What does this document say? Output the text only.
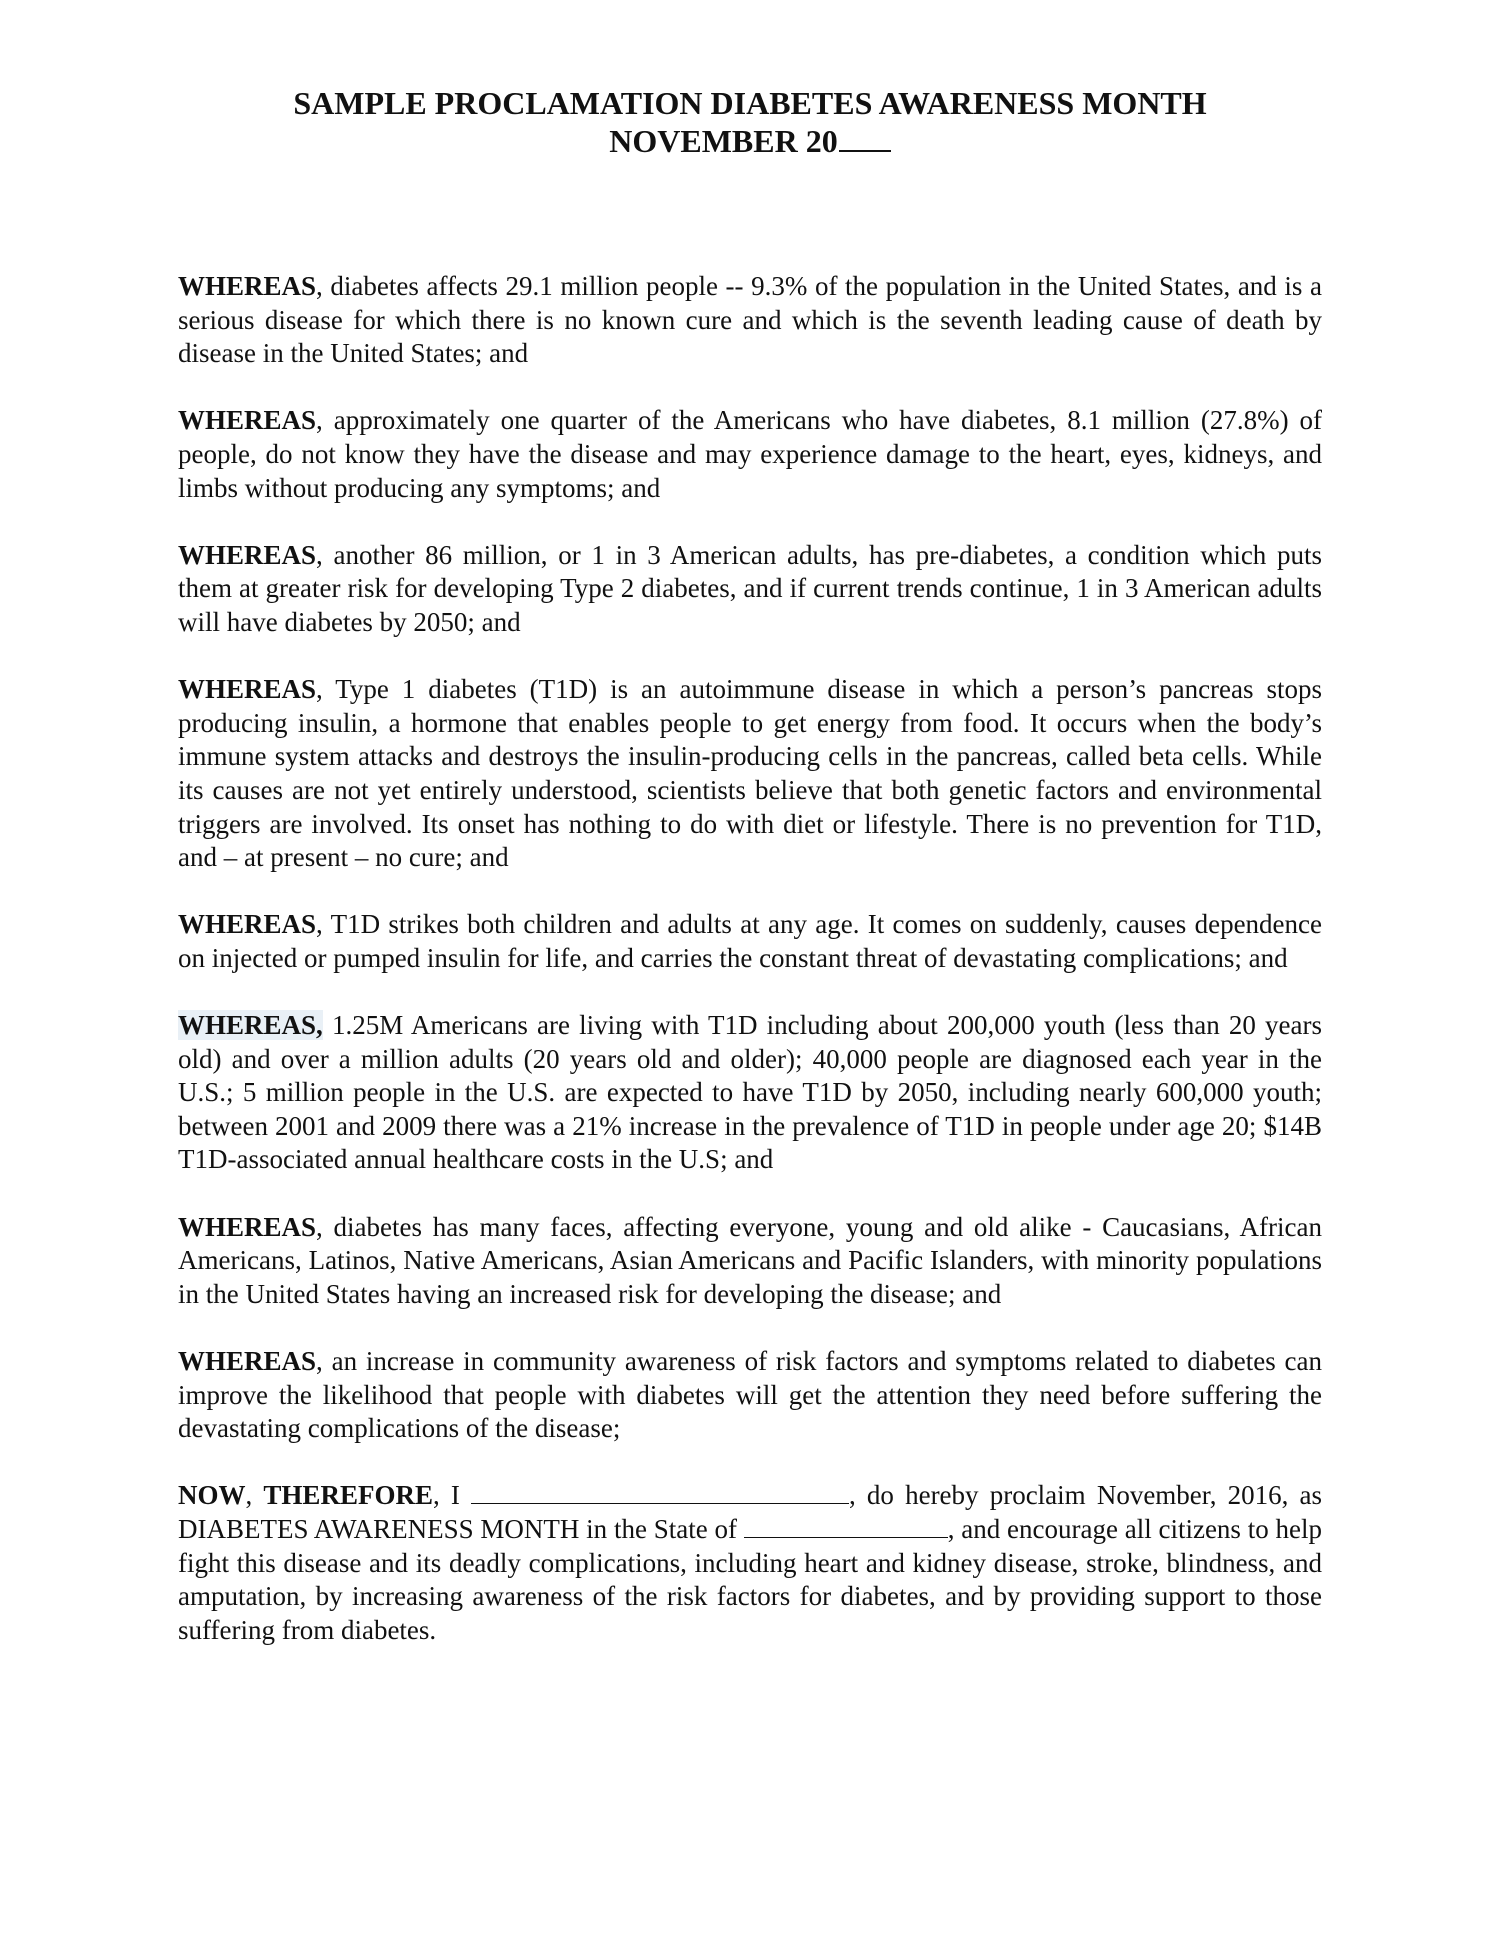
SAMPLE PROCLAMATION DIABETES AWARENESS MONTH
NOVEMBER 20

WHEREAS, diabetes affects 29.1 million people -- 9.3% of the population in the United States, and is a serious disease for which there is no known cure and which is the seventh leading cause of death by disease in the United States; and

WHEREAS, approximately one quarter of the Americans who have diabetes, 8.1 million (27.8%) of people, do not know they have the disease and may experience damage to the heart, eyes, kidneys, and limbs without producing any symptoms; and

WHEREAS, another 86 million, or 1 in 3 American adults, has pre-diabetes, a condition which puts them at greater risk for developing Type 2 diabetes, and if current trends continue, 1 in 3 American adults will have diabetes by 2050; and

WHEREAS, Type 1 diabetes (T1D) is an autoimmune disease in which a person’s pancreas stops producing insulin, a hormone that enables people to get energy from food. It occurs when the body’s immune system attacks and destroys the insulin-producing cells in the pancreas, called beta cells. While its causes are not yet entirely understood, scientists believe that both genetic factors and environmental triggers are involved. Its onset has nothing to do with diet or lifestyle. There is no prevention for T1D, and – at present – no cure; and

WHEREAS, T1D strikes both children and adults at any age. It comes on suddenly, causes dependence on injected or pumped insulin for life, and carries the constant threat of devastating complications; and

WHEREAS, 1.25M Americans are living with T1D including about 200,000 youth (less than 20 years old) and over a million adults (20 years old and older); 40,000 people are diagnosed each year in the U.S.; 5 million people in the U.S. are expected to have T1D by 2050, including nearly 600,000 youth; between 2001 and 2009 there was a 21% increase in the prevalence of T1D in people under age 20; $14B T1D-associated annual healthcare costs in the U.S; and

WHEREAS, diabetes has many faces, affecting everyone, young and old alike - Caucasians, African Americans, Latinos, Native Americans, Asian Americans and Pacific Islanders, with minority populations in the United States having an increased risk for developing the disease; and

WHEREAS, an increase in community awareness of risk factors and symptoms related to diabetes can improve the likelihood that people with diabetes will get the attention they need before suffering the devastating complications of the disease;

NOW, THEREFORE, I	, do hereby proclaim November, 2016, as DIABETES AWARENESS MONTH in the State of	, and encourage all citizens to help fight this disease and its deadly complications, including heart and kidney disease, stroke, blindness, and amputation, by increasing awareness of the risk factors for diabetes, and by providing support to those suffering from diabetes.
